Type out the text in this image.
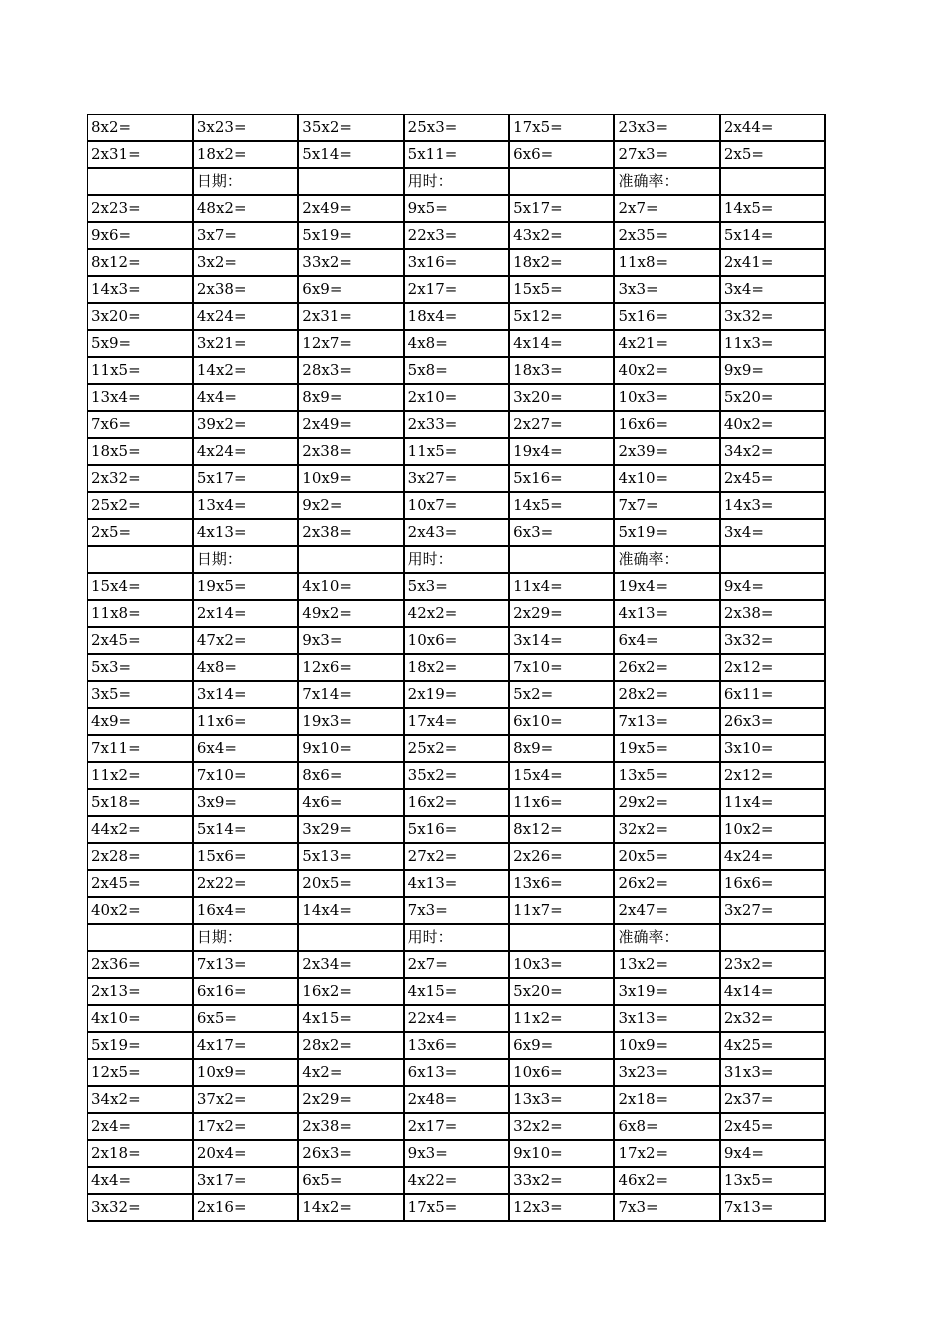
8x2=	3x23=	35x2=	25x3=	17x5=	23x3=	2x44=
2x31=	18x2=	5x14=	5x11=	6x6=	27x3=	2x5=
	日期：		用时：		准确率：	
2x23=	48x2=	2x49=	9x5=	5x17=	2x7=	14x5=
9x6=	3x7=	5x19=	22x3=	43x2=	2x35=	5x14=
8x12=	3x2=	33x2=	3x16=	18x2=	11x8=	2x41=
14x3=	2x38=	6x9=	2x17=	15x5=	3x3=	3x4=
3x20=	4x24=	2x31=	18x4=	5x12=	5x16=	3x32=
5x9=	3x21=	12x7=	4x8=	4x14=	4x21=	11x3=
11x5=	14x2=	28x3=	5x8=	18x3=	40x2=	9x9=
13x4=	4x4=	8x9=	2x10=	3x20=	10x3=	5x20=
7x6=	39x2=	2x49=	2x33=	2x27=	16x6=	40x2=
18x5=	4x24=	2x38=	11x5=	19x4=	2x39=	34x2=
2x32=	5x17=	10x9=	3x27=	5x16=	4x10=	2x45=
25x2=	13x4=	9x2=	10x7=	14x5=	7x7=	14x3=
2x5=	4x13=	2x38=	2x43=	6x3=	5x19=	3x4=
	日期：		用时：		准确率：	
15x4=	19x5=	4x10=	5x3=	11x4=	19x4=	9x4=
11x8=	2x14=	49x2=	42x2=	2x29=	4x13=	2x38=
2x45=	47x2=	9x3=	10x6=	3x14=	6x4=	3x32=
5x3=	4x8=	12x6=	18x2=	7x10=	26x2=	2x12=
3x5=	3x14=	7x14=	2x19=	5x2=	28x2=	6x11=
4x9=	11x6=	19x3=	17x4=	6x10=	7x13=	26x3=
7x11=	6x4=	9x10=	25x2=	8x9=	19x5=	3x10=
11x2=	7x10=	8x6=	35x2=	15x4=	13x5=	2x12=
5x18=	3x9=	4x6=	16x2=	11x6=	29x2=	11x4=
44x2=	5x14=	3x29=	5x16=	8x12=	32x2=	10x2=
2x28=	15x6=	5x13=	27x2=	2x26=	20x5=	4x24=
2x45=	2x22=	20x5=	4x13=	13x6=	26x2=	16x6=
40x2=	16x4=	14x4=	7x3=	11x7=	2x47=	3x27=
	日期：		用时：		准确率：	
2x36=	7x13=	2x34=	2x7=	10x3=	13x2=	23x2=
2x13=	6x16=	16x2=	4x15=	5x20=	3x19=	4x14=
4x10=	6x5=	4x15=	22x4=	11x2=	3x13=	2x32=
5x19=	4x17=	28x2=	13x6=	6x9=	10x9=	4x25=
12x5=	10x9=	4x2=	6x13=	10x6=	3x23=	31x3=
34x2=	37x2=	2x29=	2x48=	13x3=	2x18=	2x37=
2x4=	17x2=	2x38=	2x17=	32x2=	6x8=	2x45=
2x18=	20x4=	26x3=	9x3=	9x10=	17x2=	9x4=
4x4=	3x17=	6x5=	4x22=	33x2=	46x2=	13x5=
3x32=	2x16=	14x2=	17x5=	12x3=	7x3=	7x13=
